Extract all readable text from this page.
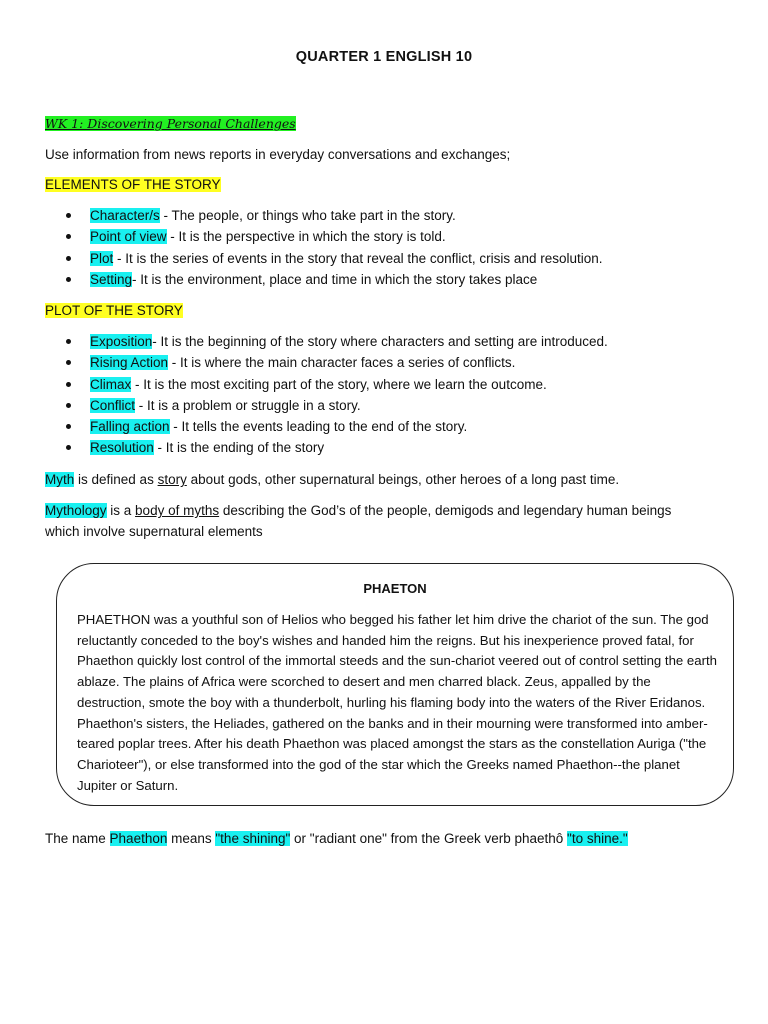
QUARTER 1 ENGLISH 10
WK 1: Discovering Personal Challenges
Use information from news reports in everyday conversations and exchanges;
ELEMENTS OF THE STORY
Character/s - The people, or things who take part in the story.
Point of view - It is the perspective in which the story is told.
Plot - It is the series of events in the story that reveal the conflict, crisis and resolution.
Setting- It is the environment, place and time in which the story takes place
PLOT OF THE STORY
Exposition- It is the beginning of the story where characters and setting are introduced.
Rising Action - It is where the main character faces a series of conflicts.
Climax - It is the most exciting part of the story, where we learn the outcome.
Conflict - It is a problem or struggle in a story.
Falling action - It tells the events leading to the end of the story.
Resolution - It is the ending of the story
Myth is defined as story about gods, other supernatural beings, other heroes of a long past time.
Mythology is a body of myths describing the God’s of the people, demigods and legendary human beings
which involve supernatural elements
PHAETON

PHAETHON was a youthful son of Helios who begged his father let him drive the chariot of the sun. The god reluctantly conceded to the boy's wishes and handed him the reigns. But his inexperience proved fatal, for Phaethon quickly lost control of the immortal steeds and the sun-chariot veered out of control setting the earth ablaze. The plains of Africa were scorched to desert and men charred black. Zeus, appalled by the destruction, smote the boy with a thunderbolt, hurling his flaming body into the waters of the River Eridanos. Phaethon's sisters, the Heliades, gathered on the banks and in their mourning were transformed into amber-teared poplar trees. After his death Phaethon was placed amongst the stars as the constellation Auriga ("the Charioteer"), or else transformed into the god of the star which the Greeks named Phaethon--the planet Jupiter or Saturn.

The name Phaethon means "the shining" or "radiant one" from the Greek verb phaethô "to shine."
